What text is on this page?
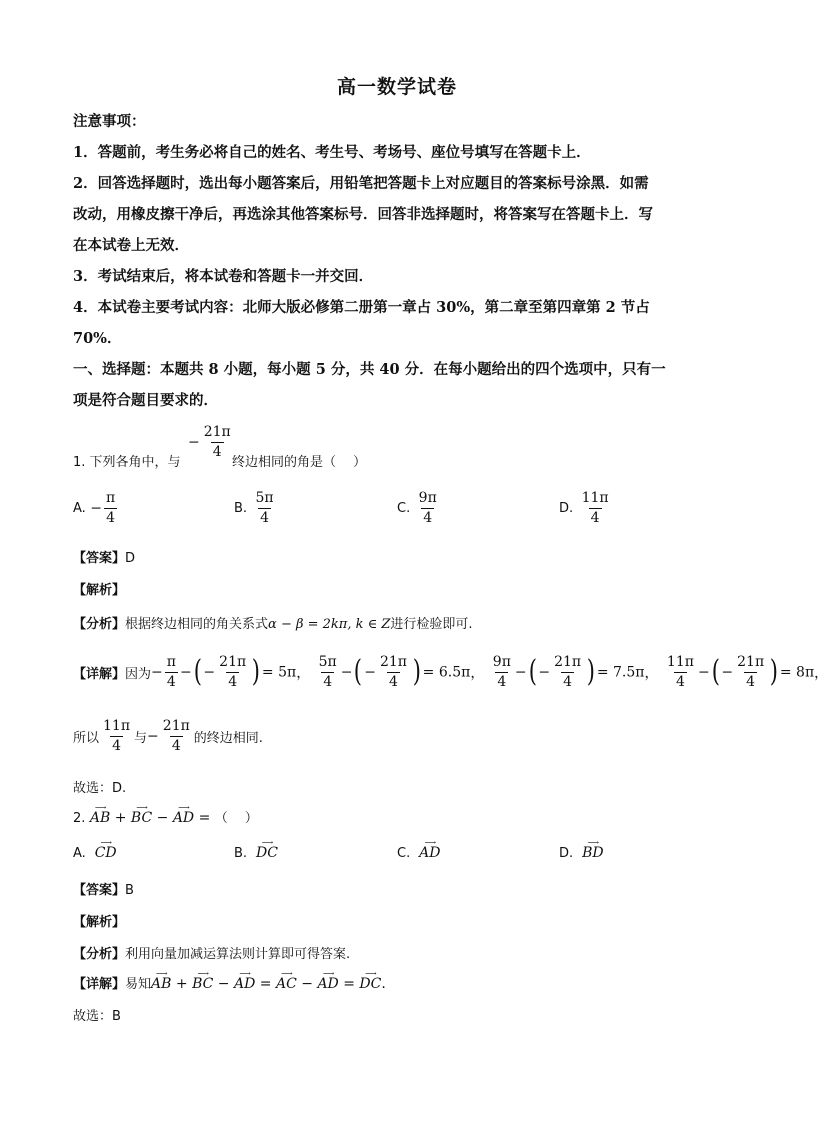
高一数学试卷
注意事项：
1．答题前，考生务必将自己的姓名、考生号、考场号、座位号填写在答题卡上．
2．回答选择题时，选出每小题答案后，用铅笔把答题卡上对应题目的答案标号涂黑．如需
改动，用橡皮擦干净后，再选涂其他答案标号．回答非选择题时，将答案写在答题卡上．写
在本试卷上无效．
3．考试结束后，将本试卷和答题卡一并交回．
4．本试卷主要考试内容：北师大版必修第二册第一章占 30%，第二章至第四章第 2 节占
70%．
一、选择题：本题共 8 小题，每小题 5 分，共 40 分．在每小题给出的四个选项中，只有一
项是符合题目要求的．
1. 下列各角中，与
− $\frac{21\pi}{4}$
终边相同的角是（　 ）
A. − $\frac{\pi}{4}$	B. $\frac{5\pi}{4}$	C. $\frac{9\pi}{4}$	D. $\frac{11\pi}{4}$
【答案】D
【解析】
【分析】根据终边相同的角关系式α − β = 2kπ, k ∈ Z进行检验即可.
【详解】因为− $\frac{\pi}{4}$ −( − $\frac{21\pi}{4}$ ) = 5π， $\frac{5\pi}{4}$ −( − $\frac{21\pi}{4}$ ) = 6.5π， $\frac{9\pi}{4}$ −( − $\frac{21\pi}{4}$ ) = 7.5π， $\frac{11\pi}{4}$ −( − $\frac{21\pi}{4}$ ) = 8π，
所以 $\frac{11\pi}{4}$ 与− $\frac{21\pi}{4}$ 的终边相同.
故选：D.
2. AB
⟶
+ BC
⟶
− AD
⟶
= （　 ）
A. CD
⟶
B. DC
⟶
C. AD
⟶
D. BD
⟶
【答案】B
【解析】
【分析】利用向量加减运算法则计算即可得答案.
【详解】易知AB
⟶
+ BC
⟶
− AD
⟶
= AC
⟶
− AD
⟶
= DC
⟶
.
故选：B
